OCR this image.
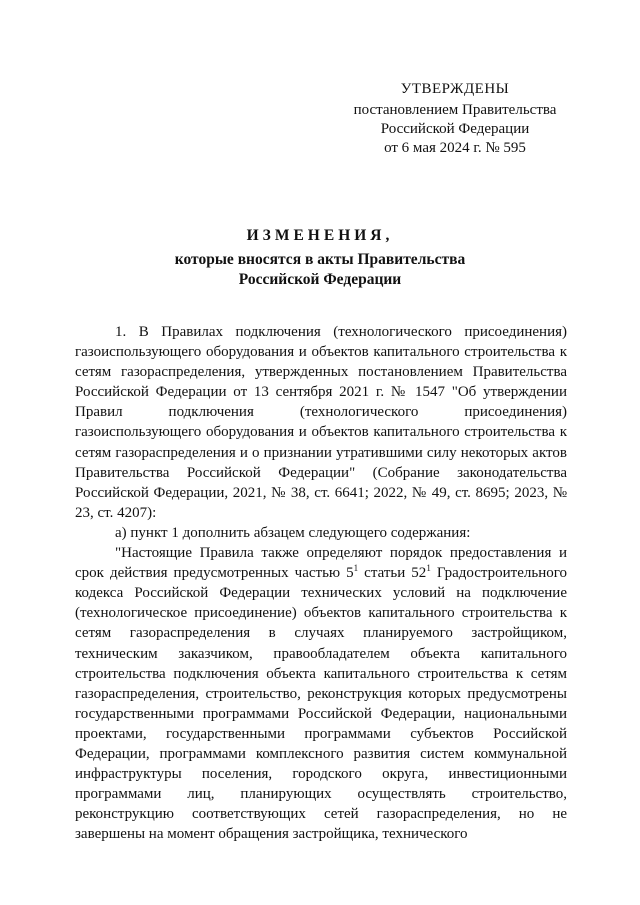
УТВЕРЖДЕНЫ
постановлением Правительства
Российской Федерации
от 6 мая 2024 г. № 595
ИЗМЕНЕНИЯ,
которые вносятся в акты Правительства
Российской Федерации

1. В Правилах подключения (технологического присоединения) газоиспользующего оборудования и объектов капитального строительства к сетям газораспределения, утвержденных постановлением Правительства Российской Федерации от 13 сентября 2021 г. № 1547 "Об утверждении Правил подключения (технологического присоединения) газоиспользующего оборудования и объектов капитального строительства к сетям газораспределения и о признании утратившими силу некоторых актов Правительства Российской Федерации" (Собрание законодательства Российской Федерации, 2021, № 38, ст. 6641; 2022, № 49, ст. 8695; 2023, № 23, ст. 4207):

а) пункт 1 дополнить абзацем следующего содержания:

"Настоящие Правила также определяют порядок предоставления и срок действия предусмотренных частью $5^1$ статьи $52^1$ Градостроительного кодекса Российской Федерации технических условий на подключение (технологическое присоединение) объектов капитального строительства к сетям газораспределения в случаях планируемого застройщиком, техническим заказчиком, правообладателем объекта капитального строительства подключения объекта капитального строительства к сетям газораспределения, строительство, реконструкция которых предусмотрены государственными программами Российской Федерации, национальными проектами, государственными программами субъектов Российской Федерации, программами комплексного развития систем коммунальной инфраструктуры поселения, городского округа, инвестиционными программами лиц, планирующих осуществлять строительство, реконструкцию соответствующих сетей газораспределения, но не завершены на момент обращения застройщика, технического
